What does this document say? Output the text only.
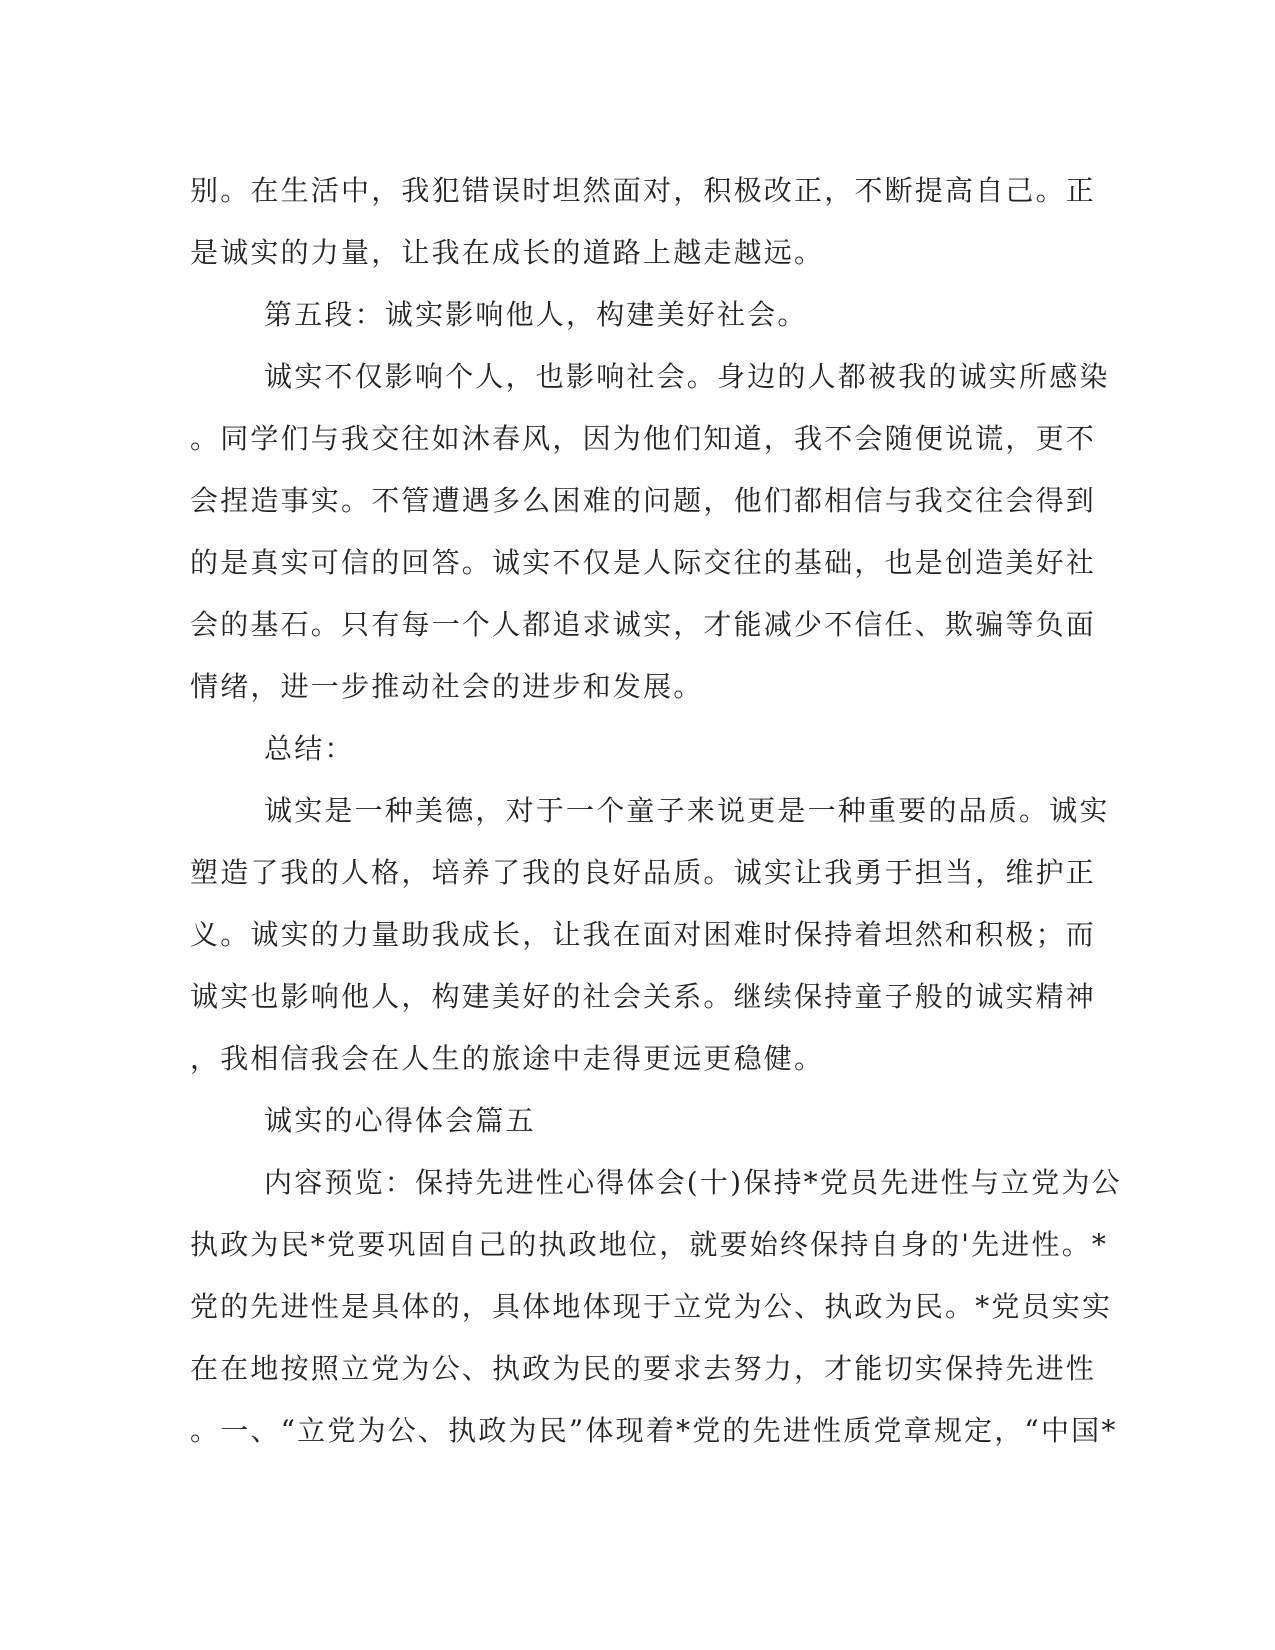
别。在生活中，我犯错误时坦然面对，积极改正，不断提高自己。正
是诚实的力量，让我在成长的道路上越走越远。
第五段：诚实影响他人，构建美好社会。
诚实不仅影响个人，也影响社会。身边的人都被我的诚实所感染
。同学们与我交往如沐春风，因为他们知道，我不会随便说谎，更不
会捏造事实。不管遭遇多么困难的问题，他们都相信与我交往会得到
的是真实可信的回答。诚实不仅是人际交往的基础，也是创造美好社
会的基石。只有每一个人都追求诚实，才能减少不信任、欺骗等负面
情绪，进一步推动社会的进步和发展。
总结：
诚实是一种美德，对于一个童子来说更是一种重要的品质。诚实
塑造了我的人格，培养了我的良好品质。诚实让我勇于担当，维护正
义。诚实的力量助我成长，让我在面对困难时保持着坦然和积极；而
诚实也影响他人，构建美好的社会关系。继续保持童子般的诚实精神
，我相信我会在人生的旅途中走得更远更稳健。
诚实的心得体会篇五
内容预览：保持先进性心得体会(十)保持*党员先进性与立党为公
执政为民*党要巩固自己的执政地位，就要始终保持自身的'先进性。*
党的先进性是具体的，具体地体现于立党为公、执政为民。*党员实实
在在地按照立党为公、执政为民的要求去努力，才能切实保持先进性
。一、“立党为公、执政为民”体现着*党的先进性质党章规定，“中国*
